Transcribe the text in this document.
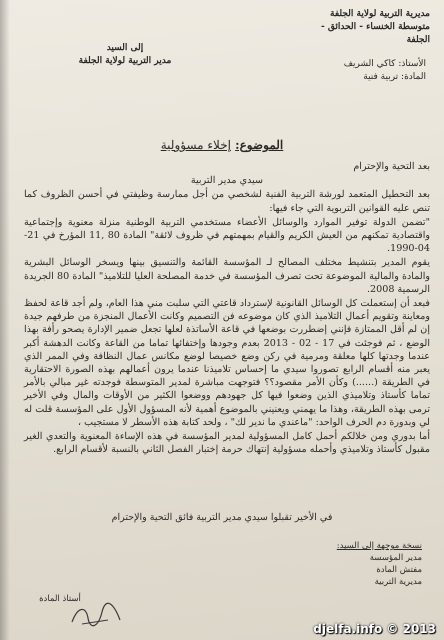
مديرية التربية لولاية الجلفة
متوسطة الخنساء - الحدائق -
الجلفة
إلى السيد
مدير التربية لولاية الجلفة	الأستاذ: كاكي الشريف
المادة: تربية فنية
الموضوع: إخلاء مسؤولية

بعد التحية والإحترام

سيدي مدير التربية

بعد التحطيل المتعمد لورشة التربية الفنية لشخصي من أجل ممارسة وظيفتي في أحسن الظروف كما تنص عليه القوانين التربوية التي جاء فيها:

"تضمن الدولة توفير الموارد والوسائل الأعضاء مستخدمي التربية الوطنية منزلة معنوية وإجتماعية واقتصادية تمكنهم من العيش الكريم والقيام بمهمتهم في ظروف لائقة" المادة 80 ,11 المؤرخ في 21-04-1990.

يقوم المدير بتنشيط مختلف المصالح لـ المؤسسة القائمة والتنسيق بينها ويسخر الوسائل البشرية والمادة والمالية الموضوعة تحت تصرف المؤسسة في خدمة المصلحة العليا للتلاميذ" المادة 80 الجريدة الرسمية 2008.

فبعد أن إستعملت كل الوسائل القانونية لإسترداد قاعتي التي سلبت مني هذا العام، ولم أجد قاعة لحفظ ومعاينة وتقويم أعمال التلاميذ الذي كان موضوعه فن التصميم وكانت الأعمال المنجزة من طرفهم جيدة إن لم أقل الممتازة فإنني إضطررت بوضعها في قاعة الأساتذة لعلها تجعل ضمير الإدارة يصحو رأفة بهذا الوضع ، ثم فوجئت في 17 - 02 - 2013 بعدم وجودها وإختفائها تماما من القاعة وكانت الدهشة أكبر عندما وجدتها كلها معلقة ومرمية في ركن وضع خصيصا لوضع مكانس عمال النظافة وفي الممر الذي يعبر منه أقسام الرابع تصوروا سيدي ما إحساس تلاميذنا عندما يرون أعمالهم بهذه الصورة الاحتقارية في الطريقة (......) وكأن الأمر مقصود؟؟ فتوجهت مباشرة لمدير المتوسطة فوجدته غير مبالي بالأمر تماما كأستاذ وتلاميذي الذين وضعوا فيها كل جهودهم ووضعوا الكثير من الأوقات والمال وفي الأخير ترمى بهذه الطريقة، وهذا ما يهمني ويعنيني بالموضوع أهمية لأنه المسؤول الأول على المؤسسة قلت له لي وبدورة دم الحرف الواحد: "ماعندي ما ندير لك" ، ولحد كتابة هذه الأسطر لا مستجيب ،

أما بدوري ومن خلالكم أحمل كامل المسؤولية لمدير المؤسسة في هذه الإساءة المعنوية والتعدي الغير مقبول كأستاذ وتلاميذي وأحمله مسؤولية إنتهاك حرمة إختبار الفصل الثاني بالنسبة لأقسام الرابع.

في الأخير تقبلوا سيدي مدير التربية فائق التحية والإحترام
نسخة موجهة إلى السيد:
مدير المؤسسة
مفتش المادة
مديرية التربية
أستاذ المادة
djelfa.info © 2013
